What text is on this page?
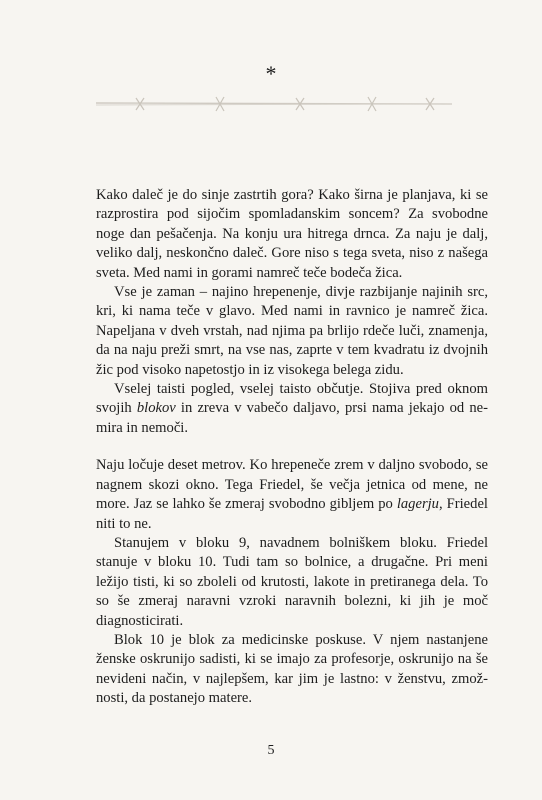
*

Kako daleč je do sinje zastrtih gora? Kako širna je planjava, ki se razprostira pod sijočim spomladanskim soncem? Za svobodne noge dan pešačenja. Na konju ura hitrega drnca. Za naju je dalj, veliko dalj, neskončno daleč. Gore niso s tega sveta, niso z našega sveta. Med nami in gorami namreč teče bodeča žica.

Vse je zaman – najino hrepenenje, divje razbijanje najinih src, kri, ki nama teče v glavo. Med nami in ravnico je namreč žica. Napeljana v dveh vrstah, nad njima pa brlijo rdeče luči, znamenja, da na naju preži smrt, na vse nas, zaprte v tem kvadratu iz dvojnih žic pod visoko napetostjo in iz visokega belega zidu.

Vselej taisti pogled, vselej taisto občutje. Stojiva pred oknom svojih blokov in zreva v vabečo daljavo, prsi nama jekajo od nemira in nemoči.

Naju ločuje deset metrov. Ko hrepeneče zrem v daljno svobodo, se nagnem skozi okno. Tega Friedel, še večja jetnica od mene, ne more. Jaz se lahko še zmeraj svobodno gibljem po lagerju, Friedel niti to ne.

Stanujem v bloku 9, navadnem bolniškem bloku. Friedel stanuje v bloku 10. Tudi tam so bolnice, a drugačne. Pri meni ležijo tisti, ki so zboleli od krutosti, lakote in pretiranega dela. To so še zmeraj naravni vzroki naravnih bolezni, ki jih je moč diagnosticirati.

Blok 10 je blok za medicinske poskuse. V njem nastanjene ženske oskrunijo sadisti, ki se imajo za profesorje, oskrunijo na še nevideni način, v najlepšem, kar jim je lastno: v ženstvu, zmožnosti, da postanejo matere.

5
